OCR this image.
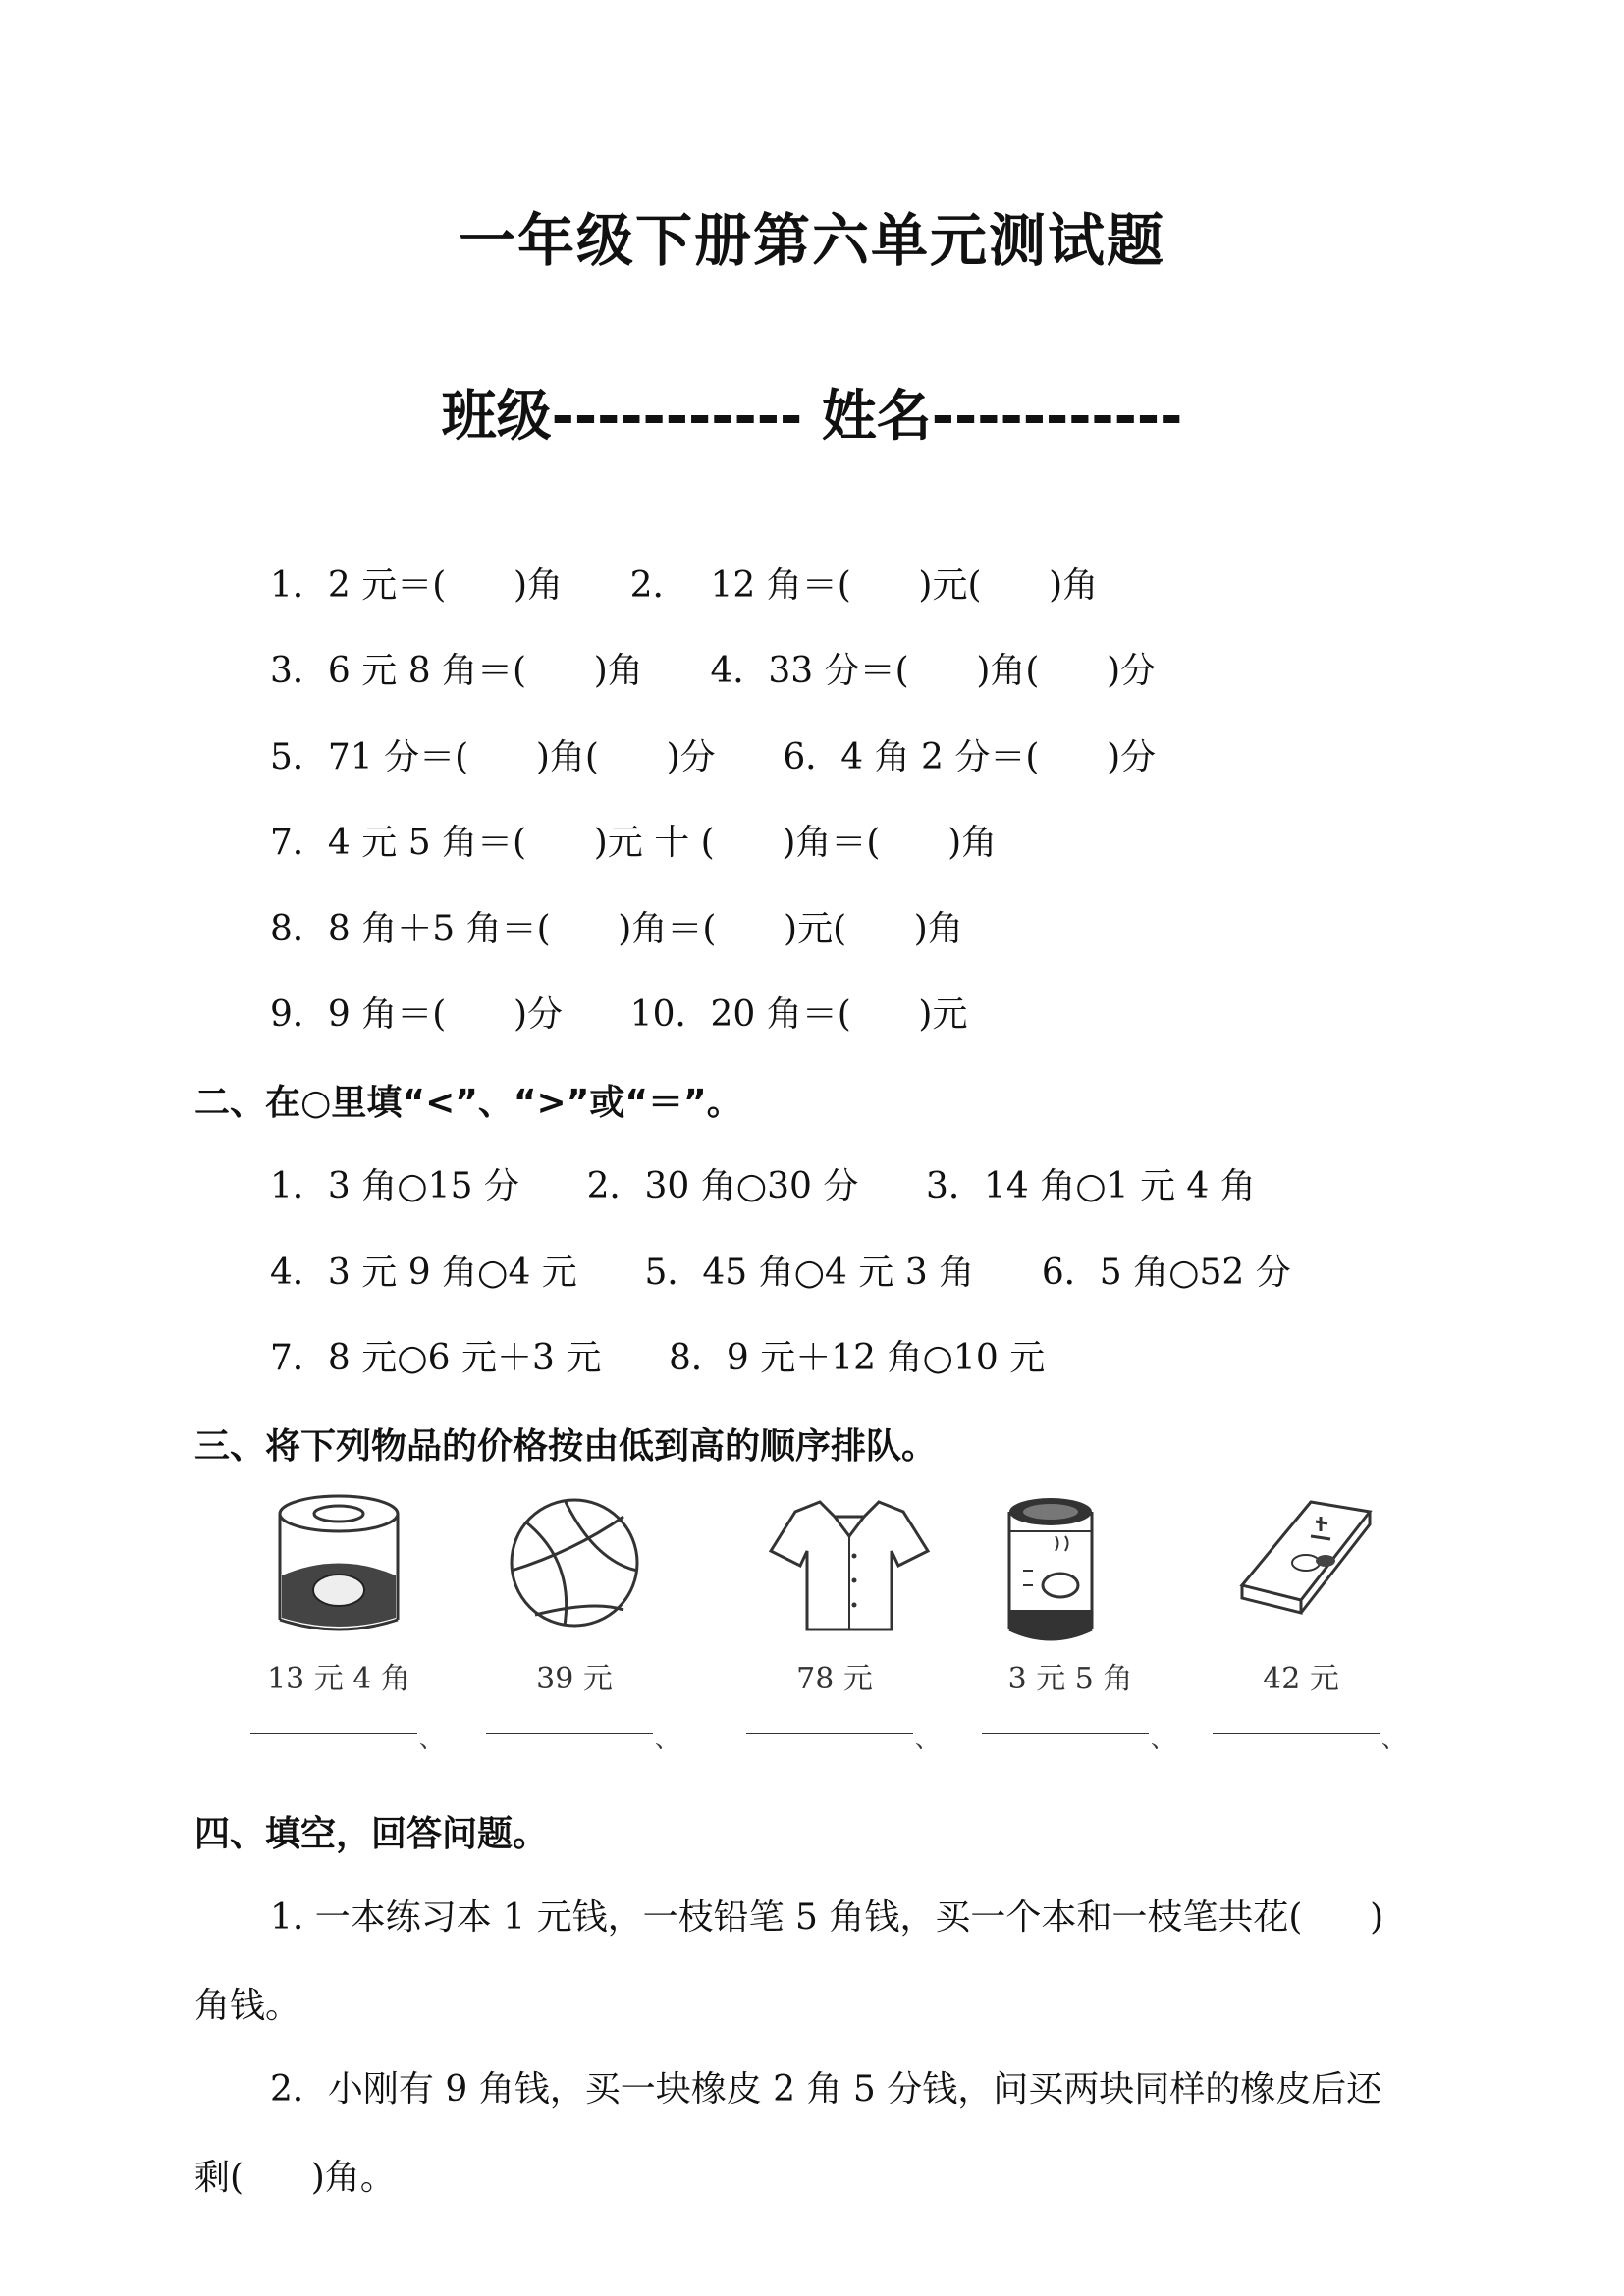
一年级下册第六单元测试题
班级----------- 姓名-----------
1．2 元＝(      )角      2．  12 角＝(      )元(      )角
3．6 元 8 角＝(      )角      4．33 分＝(      )角(      )分
5．71 分＝(      )角(      )分      6．4 角 2 分＝(      )分
7．4 元 5 角＝(      )元 十 (      )角＝(      )角
8．8 角＋5 角＝(      )角＝(      )元(      )角
9．9 角＝(      )分      10．20 角＝(      )元
二、在○里填“<”、“>”或“＝”。
1．3 角○15 分      2．30 角○30 分      3．14 角○1 元 4 角
4．3 元 9 角○4 元      5．45 角○4 元 3 角      6．5 角○52 分
7．8 元○6 元＋3 元      8．9 元＋12 角○10 元
三、将下列物品的价格按由低到高的顺序排队。
13 元 4 角
、
39 元
、
78 元
、
3 元 5 角
、
42 元
、
四、填空，回答问题。
1. 一本练习本 1 元钱，一枝铅笔 5 角钱，买一个本和一枝笔共花(      )
角钱。
2．小刚有 9 角钱，买一块橡皮 2 角 5 分钱，问买两块同样的橡皮后还
剩(      )角。
